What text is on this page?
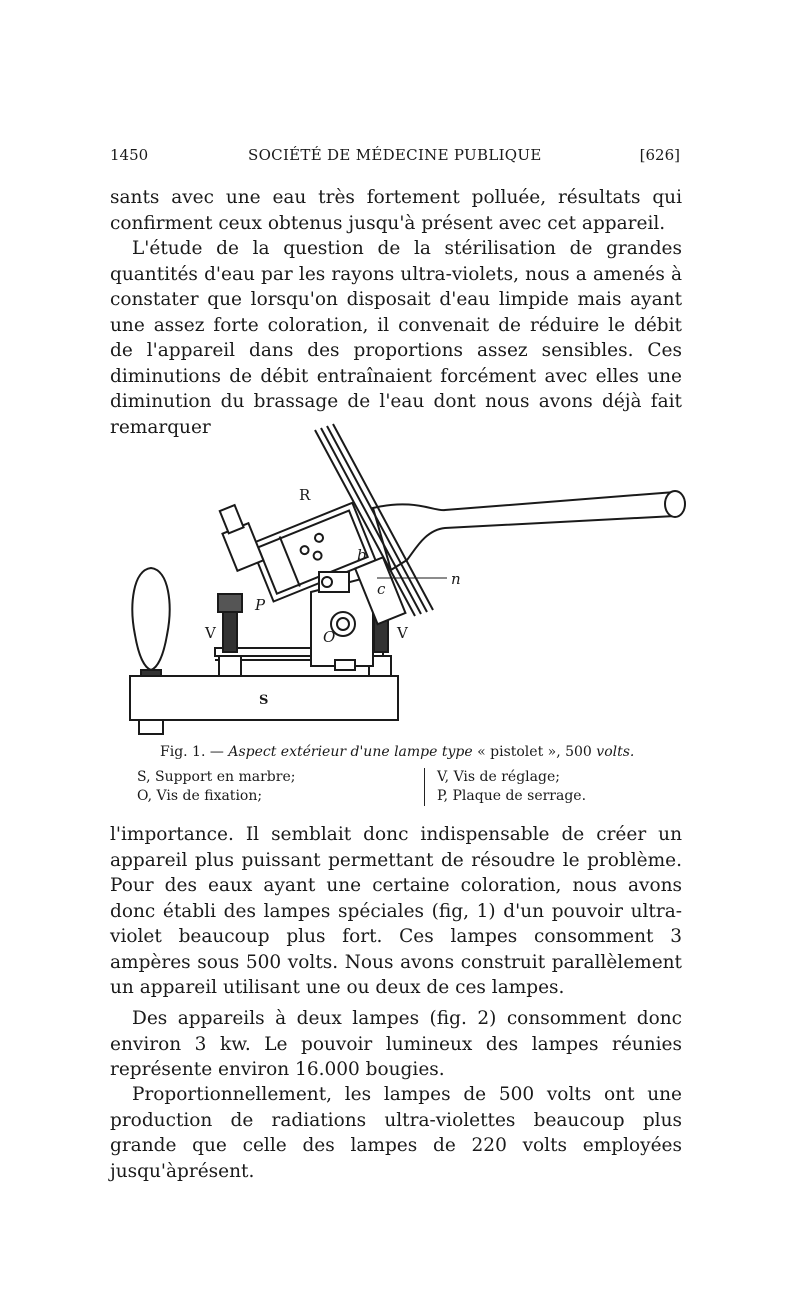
1450	SOCIÉTÉ DE MÉDECINE PUBLIQUE	[626]

sants avec une eau très fortement polluée, résultats qui confirment ceux obtenus jusqu'à présent avec cet appareil.

L'étude de la question de la stérilisation de grandes quantités d'eau par les rayons ultra-violets, nous a amenés à constater que lorsqu'on disposait d'eau limpide mais ayant une assez forte coloration, il convenait de réduire le débit de l'appareil dans des proportions assez sensibles. Ces diminutions de débit entraînaient forcément avec elles une diminution du brassage de l'eau dont nous avons déjà fait remarquer

R
b
n
c
P
V	V
O
S
Fig. 1. — Aspect extérieur d'une lampe type « pistolet », 500 volts.
S, Support en marbre;
O, Vis de fixation;
V, Vis de réglage;
P, Plaque de serrage.

l'importance. Il semblait donc indispensable de créer un appareil plus puissant permettant de résoudre le problème. Pour des eaux ayant une certaine coloration, nous avons donc établi des lampes spéciales (fig, 1) d'un pouvoir ultra-violet beaucoup plus fort. Ces lampes consomment 3 ampères sous 500 volts. Nous avons construit parallèlement un appareil utilisant une ou deux de ces lampes.

Des appareils à deux lampes (fig. 2) consomment donc environ 3 kw. Le pouvoir lumineux des lampes réunies représente environ 16.000 bougies.

Proportionnellement, les lampes de 500 volts ont une production de radiations ultra-violettes beaucoup plus grande que celle des lampes de 220 volts employées jusqu'àprésent.
